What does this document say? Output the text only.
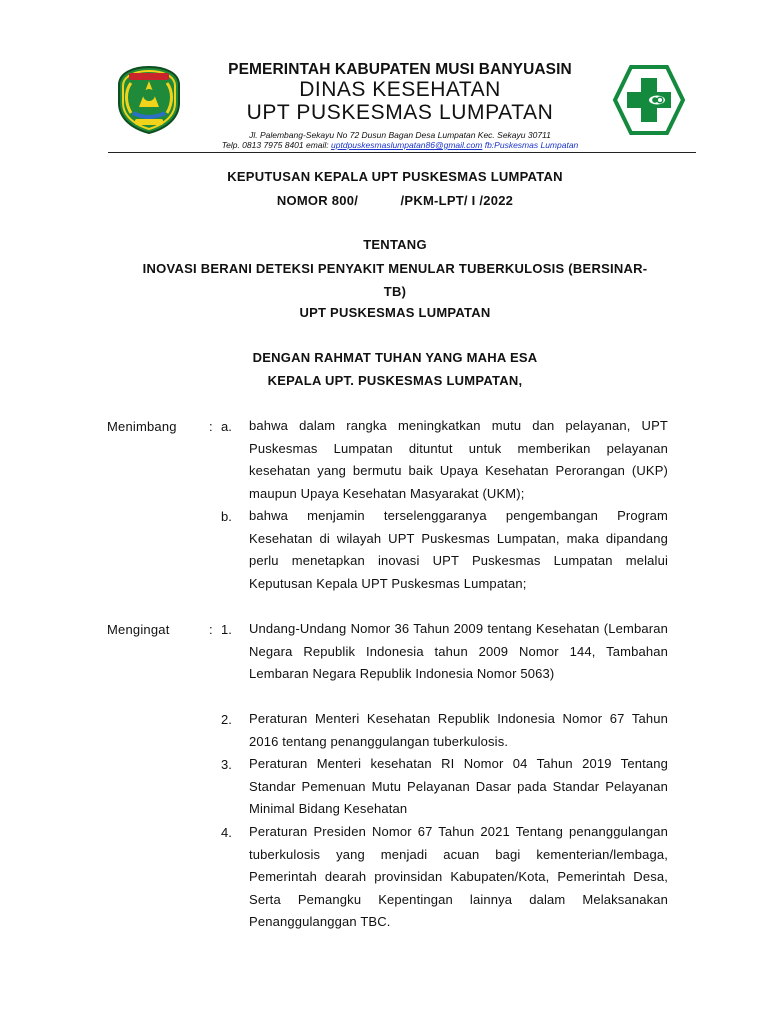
PEMERINTAH KABUPATEN MUSI BANYUASIN
DINAS KESEHATAN
UPT PUSKESMAS LUMPATAN
Jl. Palembang-Sekayu No 72 Dusun Bagan Desa Lumpatan Kec. Sekayu 30711
Telp. 0813 7975 8401 email: uptdpuskesmaslumpatan86@gmail.com fb:Puskesmas Lumpatan
KEPUTUSAN KEPALA UPT PUSKESMAS LUMPATAN
NOMOR 800/           /PKM-LPT/ I /2022
TENTANG
INOVASI BERANI DETEKSI PENYAKIT MENULAR TUBERKULOSIS (BERSINAR-
TB)
UPT PUSKESMAS LUMPATAN
DENGAN RAHMAT TUHAN YANG MAHA ESA
KEPALA UPT. PUSKESMAS LUMPATAN,
Menimbang : a. bahwa dalam rangka meningkatkan mutu dan pelayanan, UPT Puskesmas Lumpatan dituntut untuk memberikan pelayanan kesehatan yang bermutu baik Upaya Kesehatan Perorangan (UKP) maupun Upaya Kesehatan Masyarakat (UKM);
b. bahwa menjamin terselenggaranya pengembangan Program Kesehatan di wilayah UPT Puskesmas Lumpatan, maka dipandang perlu menetapkan inovasi UPT Puskesmas Lumpatan melalui Keputusan Kepala UPT Puskesmas Lumpatan;
Mengingat	: 1. Undang-Undang Nomor 36 Tahun 2009 tentang Kesehatan (Lembaran Negara Republik Indonesia tahun 2009 Nomor 144, Tambahan Lembaran Negara Republik Indonesia Nomor 5063)
2. Peraturan Menteri Kesehatan Republik Indonesia Nomor 67 Tahun 2016 tentang penanggulangan tuberkulosis.
3. Peraturan Menteri kesehatan RI Nomor 04 Tahun 2019 Tentang Standar Pemenuan Mutu Pelayanan Dasar pada Standar Pelayanan Minimal Bidang Kesehatan
4. Peraturan Presiden Nomor 67 Tahun 2021 Tentang penanggulangan tuberkulosis yang menjadi acuan bagi kementerian/lembaga, Pemerintah dearah provinsidan Kabupaten/Kota, Pemerintah Desa, Serta Pemangku Kepentingan lainnya dalam Melaksanakan Penanggulanggan TBC.
